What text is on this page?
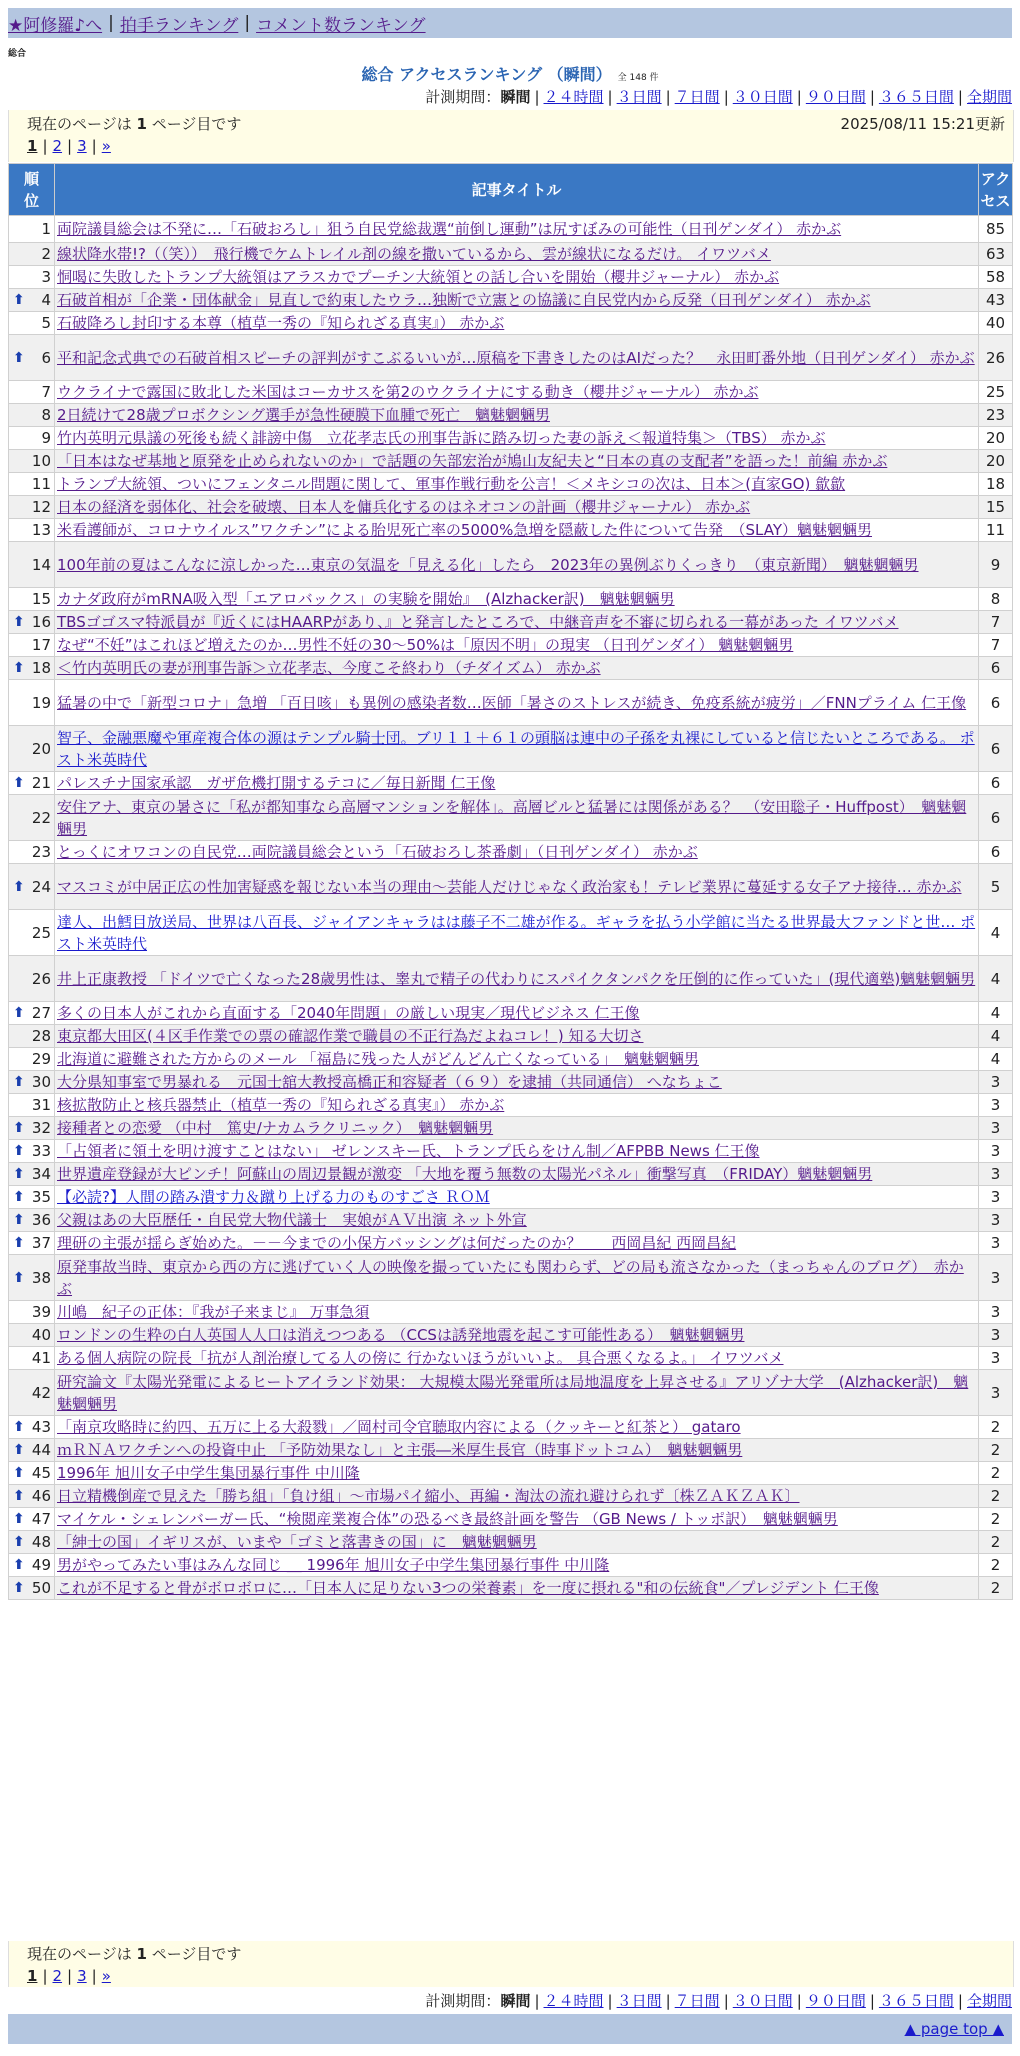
★阿修羅♪へ | 拍手ランキング | コメント数ランキング
総合
総合 アクセスランキング （瞬間） 全 148 件
計測期間：瞬間 | ２４時間 | ３日間 | ７日間 | ３０日間 | ９０日間 | ３６５日間 | 全期間
現在のページは 1 ページ目です	2025/08/11 15:21更新
1 | 2 | 3 | »
順位	記事タイトル	アクセス
1	両院議員総会は不発に…「石破おろし」狙う自民党総裁選“前倒し運動”は尻すぼみの可能性（日刊ゲンダイ） 赤かぶ	85
2	線状降水帯!?（（笑））　飛行機でケムトレイル剤の線を撒いているから、雲が線状になるだけ。 イワツバメ	63
3	恫喝に失敗したトランプ大統領はアラスカでプーチン大統領との話し合いを開始（櫻井ジャーナル） 赤かぶ	58

⬆ 4	石破首相が「企業・団体献金」見直しで約束したウラ…独断で立憲との協議に自民党内から反発（日刊ゲンダイ） 赤かぶ	43
5	石破降ろし封印する本尊（植草一秀の『知られざる真実』） 赤かぶ	40

⬆ 6	平和記念式典での石破首相スピーチの評判がすこぶるいいが…原稿を下書きしたのはAIだった？　永田町番外地（日刊ゲンダイ） 赤かぶ	26
7	ウクライナで露国に敗北した米国はコーカサスを第2のウクライナにする動き（櫻井ジャーナル） 赤かぶ	25
8	2日続けて28歳プロボクシング選手が急性硬膜下血腫で死亡　魑魅魍魎男	23
9	竹内英明元県議の死後も続く誹謗中傷　立花孝志氏の刑事告訴に踏み切った妻の訴え＜報道特集＞（TBS） 赤かぶ	20
10	「日本はなぜ基地と原発を止められないのか」で話題の矢部宏治が鳩山友紀夫と“日本の真の支配者”を語った！前編 赤かぶ	20
11	トランプ大統領、ついにフェンタニル問題に関して、軍事作戦行動を公言！＜メキシコの次は、日本＞(直家GO) 歙歙	18
12	日本の経済を弱体化、社会を破壊、日本人を傭兵化するのはネオコンの計画（櫻井ジャーナル） 赤かぶ	15
13	米看護師が、コロナウイルス”ワクチン”による胎児死亡率の5000%急増を隠蔽した件について告発　（SLAY）魑魅魍魎男	11
14	100年前の夏はこんなに涼しかった…東京の気温を「見える化」したら　2023年の異例ぶりくっきり　（東京新聞）　魑魅魍魎男	9
15	カナダ政府がmRNA吸入型「エアロバックス」の実験を開始』　(Alzhacker訳)　魑魅魍魎男	8

⬆ 16	TBSゴゴスマ特派員が『近くにはHAARPがあり、』と発言したところで、中継音声を不審に切られる一幕があった イワツバメ	7
17	なぜ“不妊”はこれほど増えたのか…男性不妊の30～50%は「原因不明」の現実 （日刊ゲンダイ） 魑魅魍魎男	7

⬆ 18	＜竹内英明氏の妻が刑事告訴＞立花孝志、今度こそ終わり（チダイズム） 赤かぶ	6
19	猛暑の中で「新型コロナ」急増 「百日咳」も異例の感染者数…医師「暑さのストレスが続き、免疫系統が疲労」／FNNプライム 仁王像	6
20	智子、金融悪魔や軍産複合体の源はテンプル騎士団。ブリ１１＋６１の頭脳は連中の子孫を丸裸にしていると信じたいところである。 ポスト米英時代	6

⬆ 21	パレスチナ国家承認　ガザ危機打開するテコに／毎日新聞 仁王像	6
22	安住アナ、東京の暑さに「私が都知事なら高層マンションを解体」。高層ビルと猛暑には関係がある？　（安田聡子・Huffpost）　魑魅魍魎男	6
23	とっくにオワコンの自民党…両院議員総会という「石破おろし茶番劇」（日刊ゲンダイ） 赤かぶ	6

⬆ 24	マスコミが中居正広の性加害疑惑を報じない本当の理由～芸能人だけじゃなく政治家も！テレビ業界に蔓延する女子アナ接待… 赤かぶ	5
25	達人、出鱈目放送局、世界は八百長、ジャイアンキャラはは藤子不二雄が作る。ギャラを払う小学館に当たる世界最大ファンドと世… ポスト米英時代	4
26	井上正康教授 「ドイツで亡くなった28歳男性は、睾丸で精子の代わりにスパイクタンパクを圧倒的に作っていた」(現代適塾)魑魅魍魎男	4

⬆ 27	多くの日本人がこれから直面する「2040年問題」の厳しい現実／現代ビジネス 仁王像	4
28	東京都大田区(４区手作業での票の確認作業で職員の不正行為だよねコレ！) 知る大切さ	4
29	北海道に避難された方からのメール 「福島に残った人がどんどん亡くなっている」　魑魅魍魎男	4

⬆ 30	大分県知事室で男暴れる　元国士舘大教授高橋正和容疑者（６９）を逮捕（共同通信） へなちょこ	3
31	核拡散防止と核兵器禁止（植草一秀の『知られざる真実』） 赤かぶ	3

⬆ 32	接種者との恋愛 （中村　篤史/ナカムラクリニック）　魑魅魍魎男	3

⬆ 33	「占領者に領土を明け渡すことはない」 ゼレンスキー氏、トランプ氏らをけん制／AFPBB News 仁王像	3

⬆ 34	世界遺産登録が大ピンチ！阿蘇山の周辺景観が激変 「大地を覆う無数の太陽光パネル」衝撃写真　（FRIDAY）魑魅魍魎男	3

⬆ 35	【必読?】人間の踏み潰す力＆蹴り上げる力のものすごさ ＲＯＭ	3

⬆ 36	父親はあの大臣歴任・自民党大物代議士　実娘がＡＶ出演 ネット外宣	3

⬆ 37	理研の主張が揺らぎ始めた。－－今までの小保方バッシングは何だったのか？　　西岡昌紀 西岡昌紀	3

⬆ 38	原発事故当時、東京から西の方に逃げていく人の映像を撮っていたにも関わらず、どの局も流さなかった（まっちゃんのブログ）　赤かぶ	3
39	川嶋　紀子の正体：『我が子来まじ』 万事急須	3
40	ロンドンの生粋の白人英国人人口は消えつつある （CCSは誘発地震を起こす可能性ある）　魑魅魍魎男	3
41	ある個人病院の院長「抗が人剤治療してる人の傍に 行かないほうがいいよ。 具合悪くなるよ。」 イワツバメ	3
42	研究論文『太陽光発電によるヒートアイランド効果： 大規模太陽光発電所は局地温度を上昇させる』アリゾナ大学　(Alzhacker訳)　魑魅魍魎男	3

⬆ 43	「南京攻略時に約四、五万に上る大殺戮」／岡村司令官聴取内容による（クッキーと紅茶と） gataro	2

⬆ 44	ｍＲＮＡワクチンへの投資中止 「予防効果なし」と主張―米厚生長官（時事ドットコム）　魑魅魍魎男	2

⬆ 45	1996年 旭川女子中学生集団暴行事件 中川隆	2

⬆ 46	日立精機倒産で見えた「勝ち組」「負け組」～市場パイ縮小、再編・淘汰の流れ避けられず〔株ＺＡＫＺＡＫ〕	2

⬆ 47	マイケル・シェレンバーガー氏、“検閲産業複合体”の恐るべき最終計画を警告 （GB News / トッポ訳）　魑魅魍魎男	2

⬆ 48	「紳士の国」イギリスが、いまや「ゴミと落書きの国」に　魑魅魍魎男	2

⬆ 49	男がやってみたい事はみんな同じ ＿ 1996年 旭川女子中学生集団暴行事件 中川隆	2

⬆ 50	これが不足すると骨がボロボロに…「日本人に足りない3つの栄養素」を一度に摂れる"和の伝統食"／プレジデント 仁王像	2
現在のページは 1 ページ目です
1 | 2 | 3 | »
計測期間：瞬間 | ２４時間 | ３日間 | ７日間 | ３０日間 | ９０日間 | ３６５日間 | 全期間
▲ page top ▲
